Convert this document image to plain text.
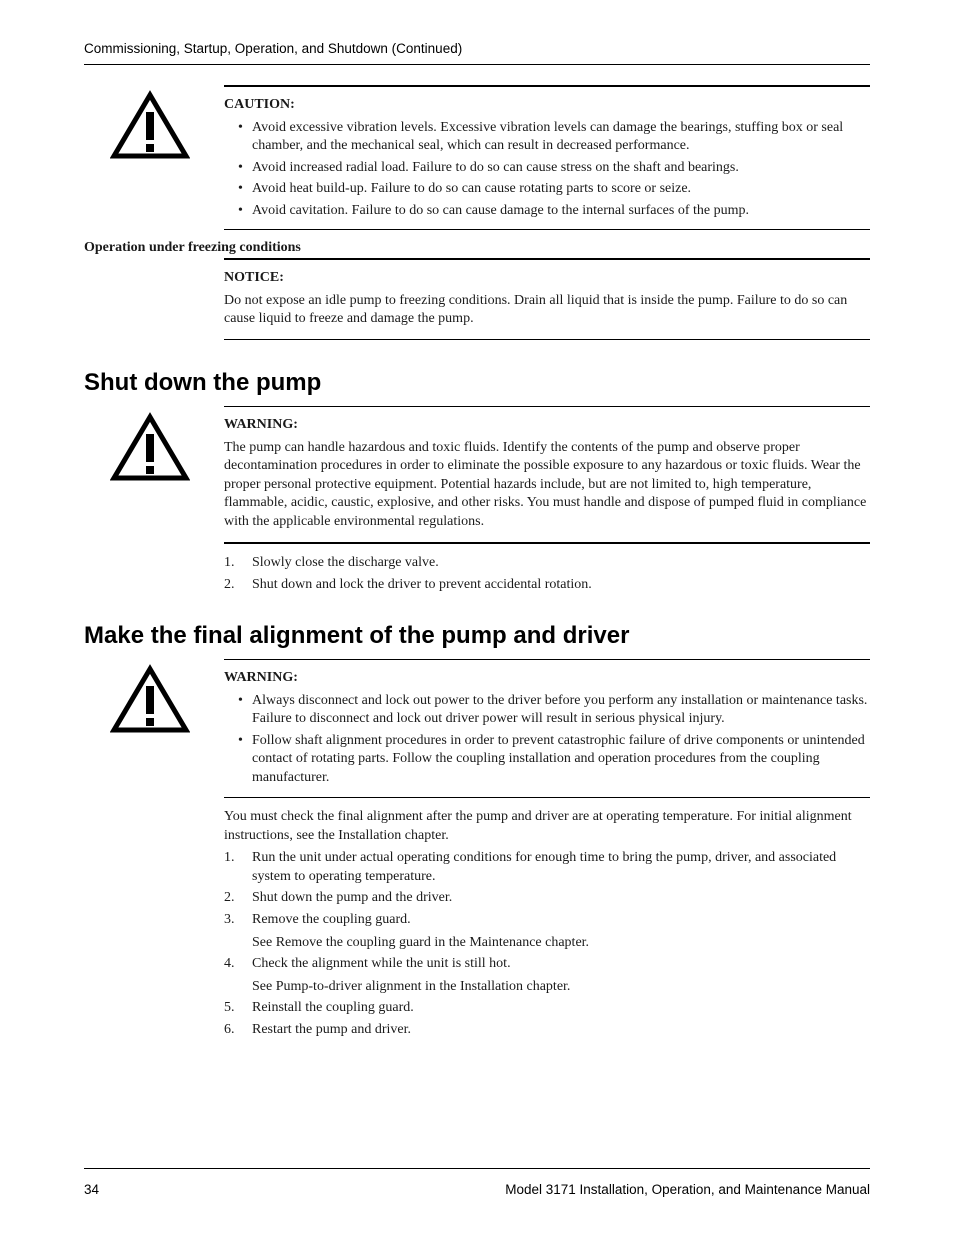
Commissioning, Startup, Operation, and Shutdown (Continued)
CAUTION:
• Avoid excessive vibration levels. Excessive vibration levels can damage the bearings, stuffing box or seal chamber, and the mechanical seal, which can result in decreased performance.
• Avoid increased radial load. Failure to do so can cause stress on the shaft and bearings.
• Avoid heat build-up. Failure to do so can cause rotating parts to score or seize.
• Avoid cavitation. Failure to do so can cause damage to the internal surfaces of the pump.
Operation under freezing conditions
NOTICE:

Do not expose an idle pump to freezing conditions. Drain all liquid that is inside the pump. Failure to do so can cause liquid to freeze and damage the pump.

Shut down the pump
WARNING:

The pump can handle hazardous and toxic fluids. Identify the contents of the pump and observe proper decontamination procedures in order to eliminate the possible exposure to any hazardous or toxic fluids. Wear the proper personal protective equipment. Potential hazards include, but are not limited to, high temperature, flammable, acidic, caustic, explosive, and other risks. You must handle and dispose of pumped fluid in compliance with the applicable environmental regulations.

1. Slowly close the discharge valve.
2. Shut down and lock the driver to prevent accidental rotation.
Make the final alignment of the pump and driver
WARNING:
• Always disconnect and lock out power to the driver before you perform any installation or maintenance tasks. Failure to disconnect and lock out driver power will result in serious physical injury.
• Follow shaft alignment procedures in order to prevent catastrophic failure of drive components or unintended contact of rotating parts. Follow the coupling installation and operation procedures from the coupling manufacturer.

You must check the final alignment after the pump and driver are at operating temperature. For initial alignment instructions, see the Installation chapter.

1. Run the unit under actual operating conditions for enough time to bring the pump, driver, and associated system to operating temperature.
2. Shut down the pump and the driver.
3. Remove the coupling guard.
See Remove the coupling guard in the Maintenance chapter.
4. Check the alignment while the unit is still hot.
See Pump-to-driver alignment in the Installation chapter.
5. Reinstall the coupling guard.
6. Restart the pump and driver.
34	Model 3171 Installation, Operation, and Maintenance Manual
